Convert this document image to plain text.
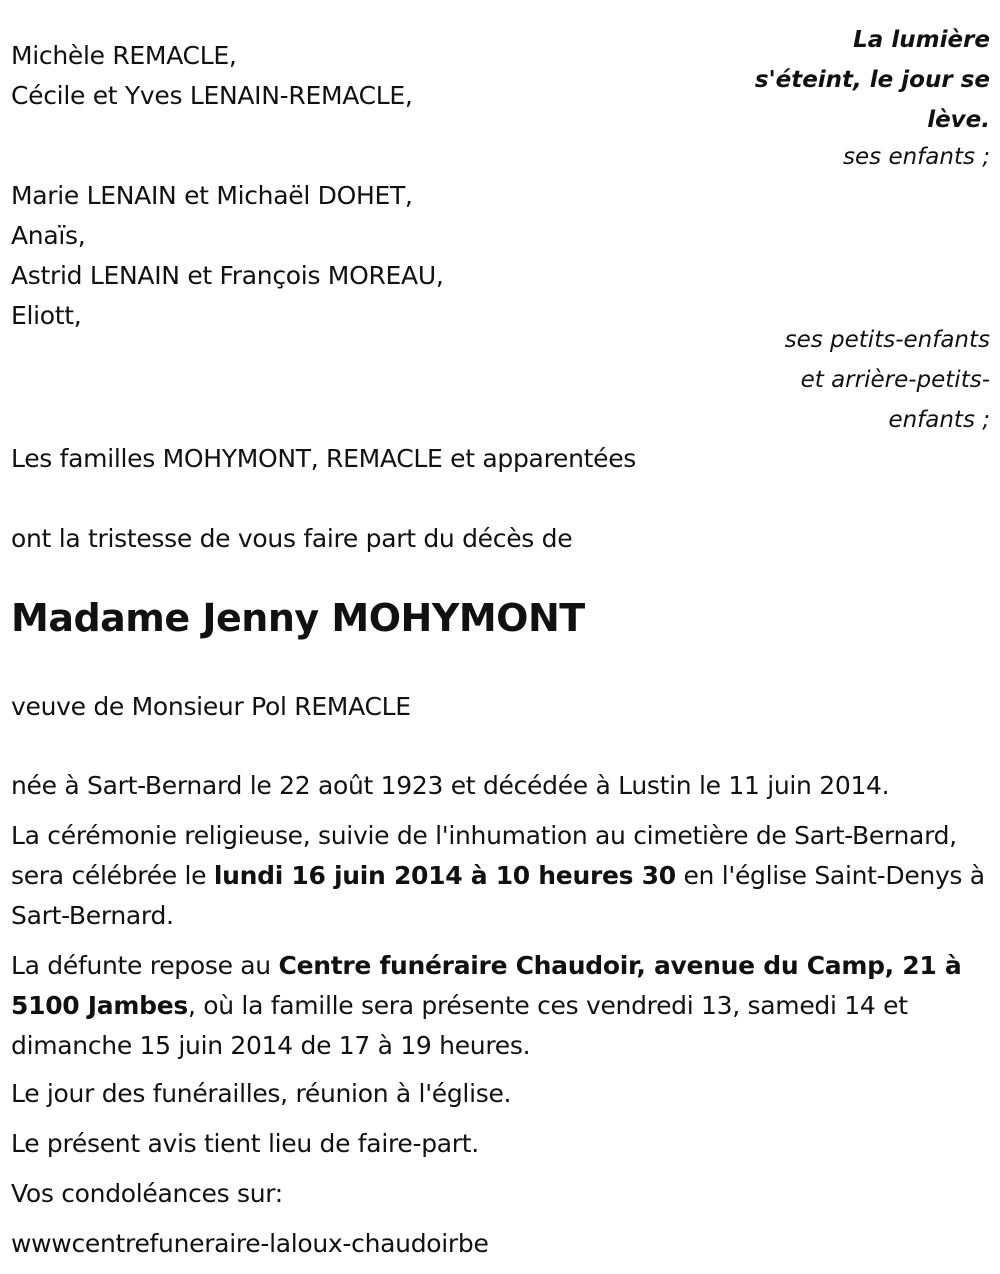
La lumière
s'éteint, le jour se
lève.
ses enfants ;
ses petits-enfants
et arrière-petits-
enfants ;
Michèle REMACLE,
Cécile et Yves LENAIN-REMACLE,
Marie LENAIN et Michaël DOHET,
Anaïs,
Astrid LENAIN et François MOREAU,
Eliott,
Les familles MOHYMONT, REMACLE et apparentées
ont la tristesse de vous faire part du décès de
Madame Jenny MOHYMONT
veuve de Monsieur Pol REMACLE
née à Sart-Bernard le 22 août 1923 et décédée à Lustin le 11 juin 2014.
La cérémonie religieuse, suivie de l'inhumation au cimetière de Sart-Bernard, sera célébrée le lundi 16 juin 2014 à 10 heures 30 en l'église Saint-Denys à Sart-Bernard.
La défunte repose au Centre funéraire Chaudoir, avenue du Camp, 21 à 5100 Jambes, où la famille sera présente ces vendredi 13, samedi 14 et dimanche 15 juin 2014 de 17 à 19 heures.
Le jour des funérailles, réunion à l'église.
Le présent avis tient lieu de faire-part.
Vos condoléances sur:
wwwcentrefuneraire-laloux-chaudoirbe
